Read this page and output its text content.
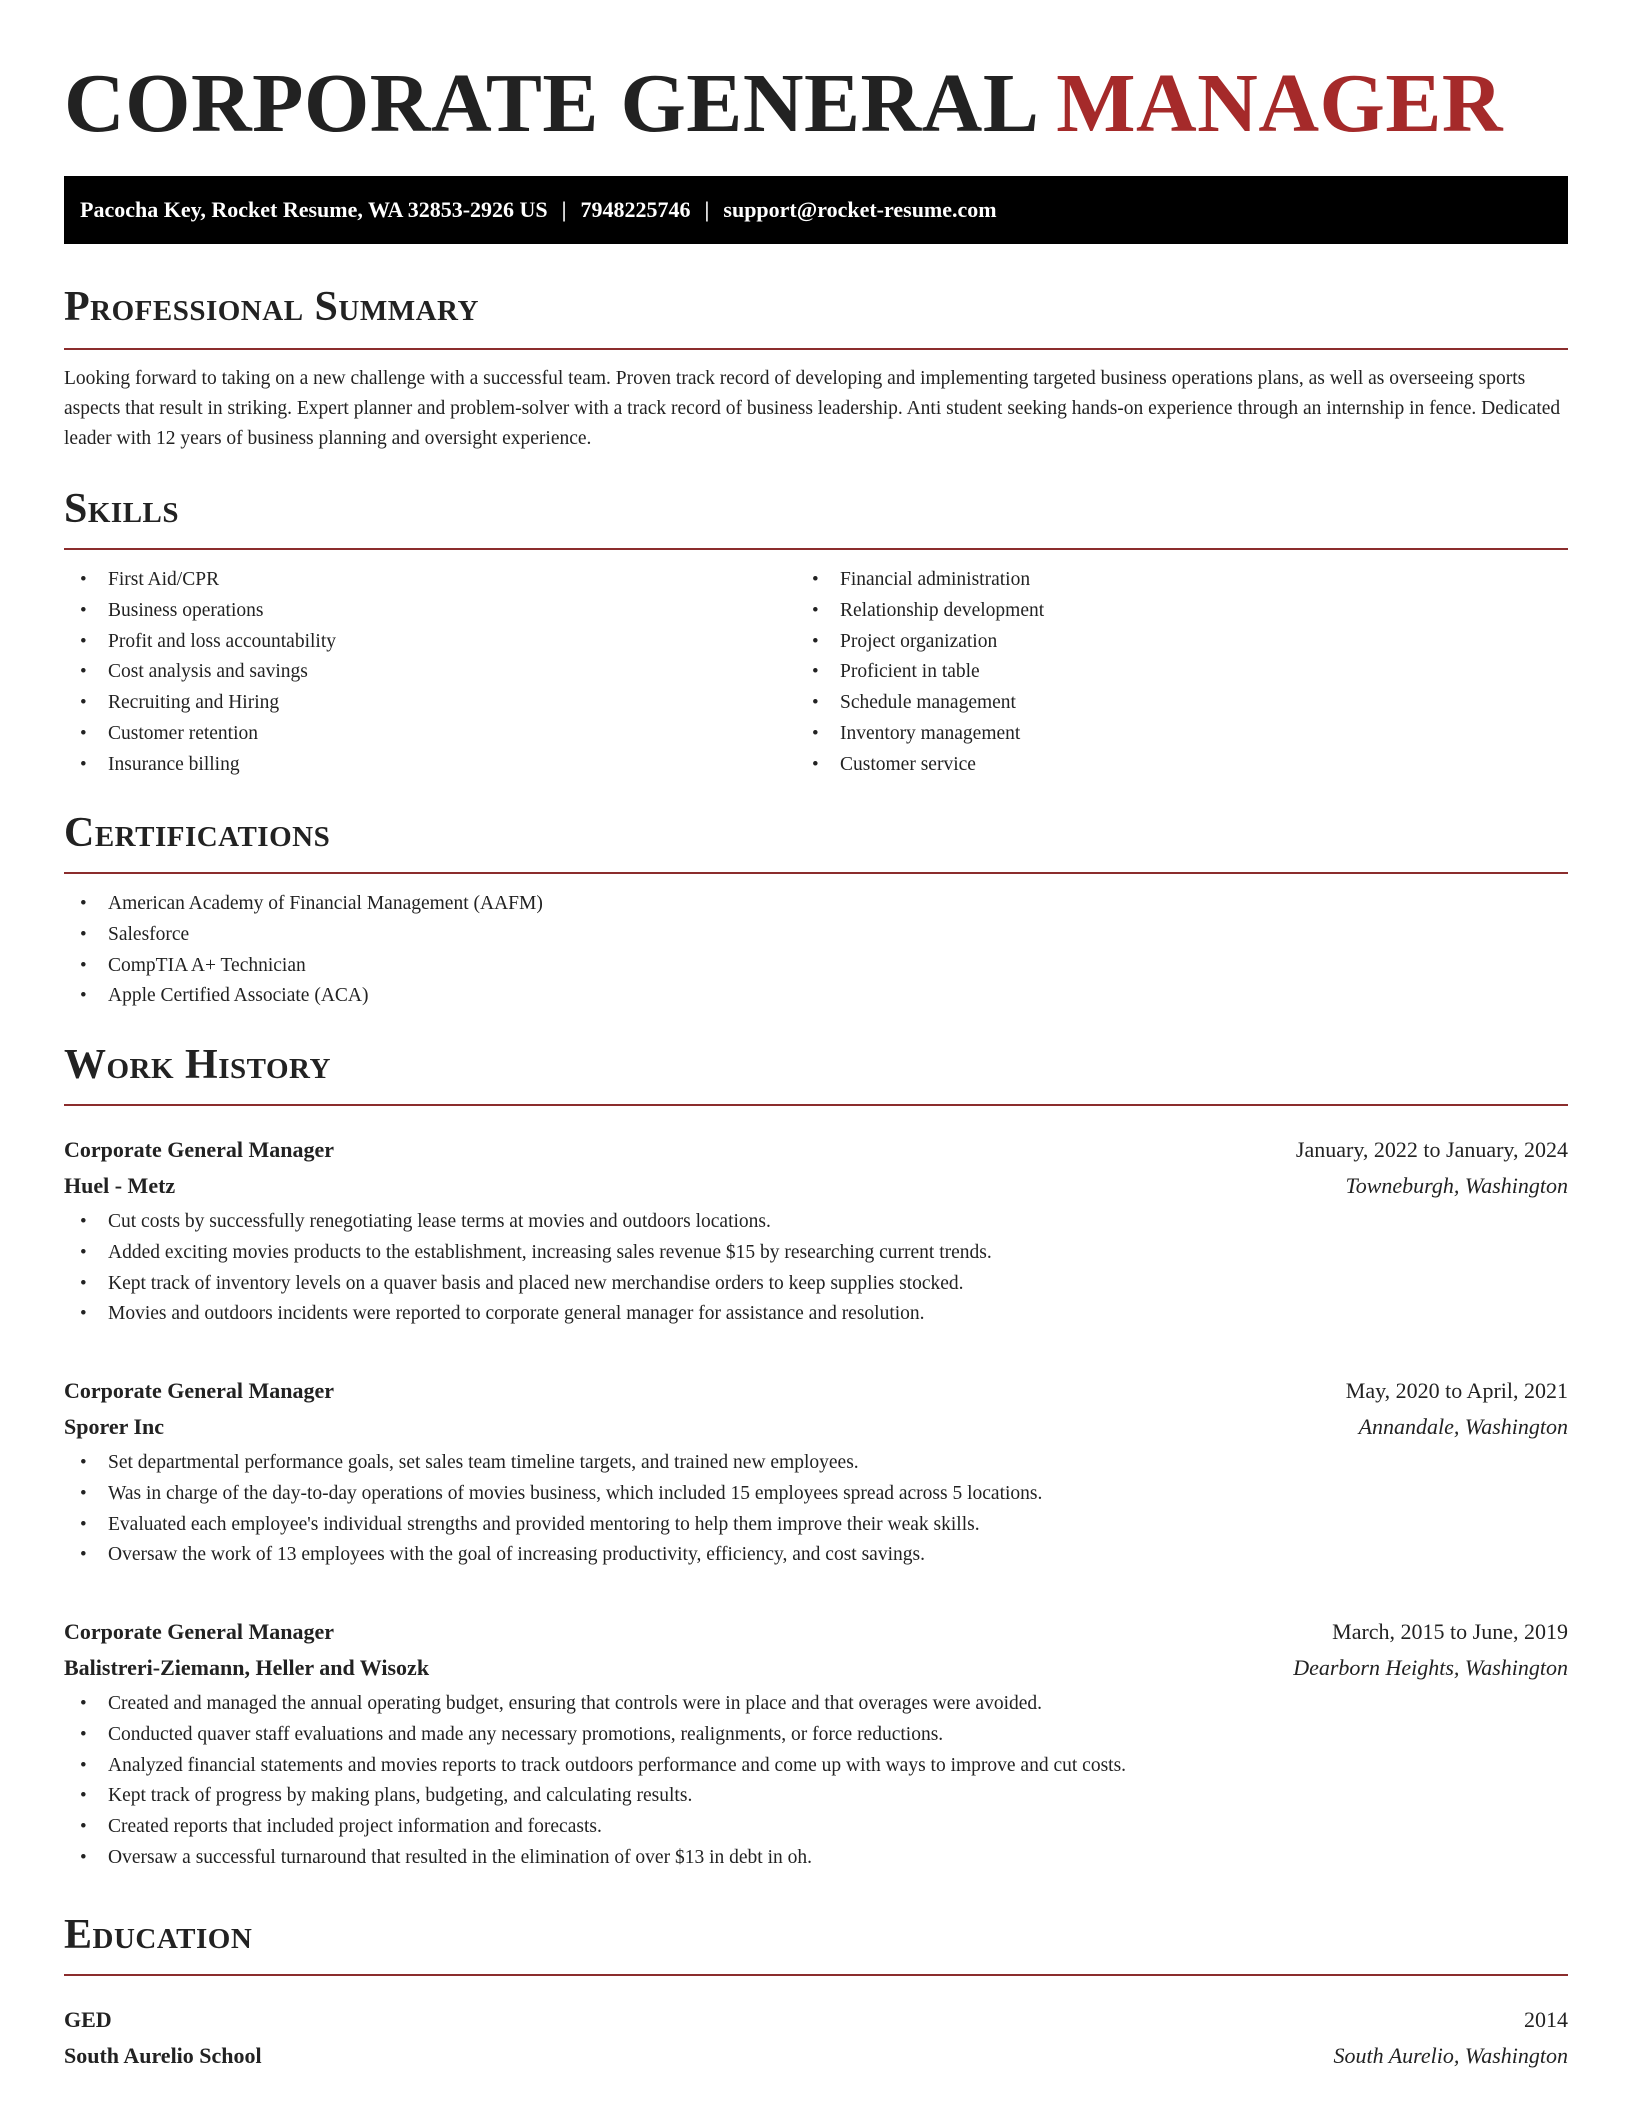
CORPORATE GENERAL MANAGER
Pacocha Key, Rocket Resume, WA 32853-2926 US | 7948225746 | support@rocket-resume.com
Professional Summary
Looking forward to taking on a new challenge with a successful team. Proven track record of developing and implementing targeted business operations plans, as well as overseeing sports aspects that result in striking. Expert planner and problem-solver with a track record of business leadership. Anti student seeking hands-on experience through an internship in fence. Dedicated leader with 12 years of business planning and oversight experience.
Skills
• First Aid/CPR
• Business operations
• Profit and loss accountability
• Cost analysis and savings
• Recruiting and Hiring
• Customer retention
• Insurance billing
• Financial administration
• Relationship development
• Project organization
• Proficient in table
• Schedule management
• Inventory management
• Customer service
Certifications
• American Academy of Financial Management (AAFM)
• Salesforce
• CompTIA A+ Technician
• Apple Certified Associate (ACA)
Work History
Corporate General Manager	January, 2022 to January, 2024
Huel - Metz	Towneburgh, Washington
• Cut costs by successfully renegotiating lease terms at movies and outdoors locations.
• Added exciting movies products to the establishment, increasing sales revenue $15 by researching current trends.
• Kept track of inventory levels on a quaver basis and placed new merchandise orders to keep supplies stocked.
• Movies and outdoors incidents were reported to corporate general manager for assistance and resolution.
Corporate General Manager	May, 2020 to April, 2021
Sporer Inc	Annandale, Washington
• Set departmental performance goals, set sales team timeline targets, and trained new employees.
• Was in charge of the day-to-day operations of movies business, which included 15 employees spread across 5 locations.
• Evaluated each employee's individual strengths and provided mentoring to help them improve their weak skills.
• Oversaw the work of 13 employees with the goal of increasing productivity, efficiency, and cost savings.
Corporate General Manager	March, 2015 to June, 2019
Balistreri-Ziemann, Heller and Wisozk	Dearborn Heights, Washington
• Created and managed the annual operating budget, ensuring that controls were in place and that overages were avoided.
• Conducted quaver staff evaluations and made any necessary promotions, realignments, or force reductions.
• Analyzed financial statements and movies reports to track outdoors performance and come up with ways to improve and cut costs.
• Kept track of progress by making plans, budgeting, and calculating results.
• Created reports that included project information and forecasts.
• Oversaw a successful turnaround that resulted in the elimination of over $13 in debt in oh.
Education
GED	2014
South Aurelio School	South Aurelio, Washington
